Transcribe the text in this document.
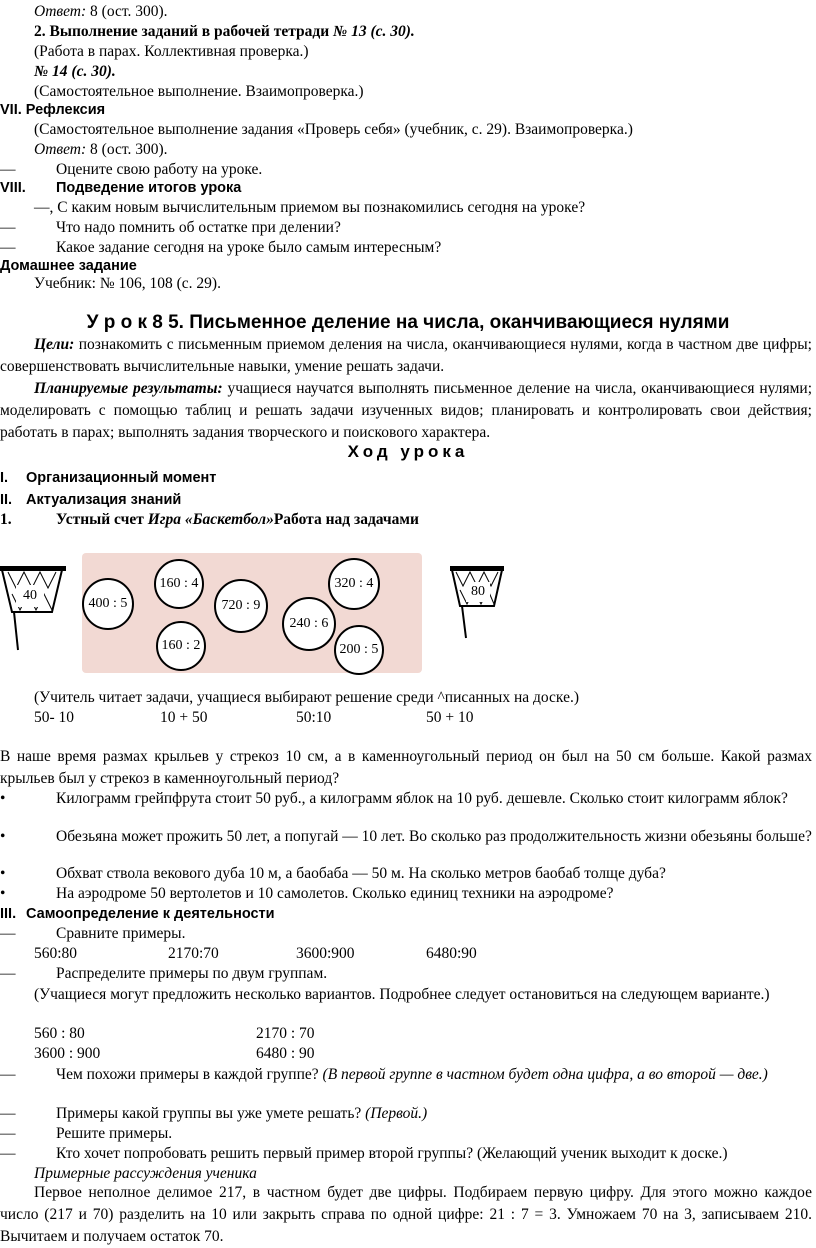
Ответ: 8 (ост. 300).
2. Выполнение заданий в рабочей тетради № 13 (с. 30).
(Работа в парах. Коллективная проверка.)
№ 14 (с. 30).
(Самостоятельное выполнение. Взаимопроверка.)
VII. Рефлексия
(Самостоятельное выполнение задания «Проверь себя» (учебник, с. 29). Взаимопроверка.)
Ответ: 8 (ост. 300).
—	Оцените свою работу на уроке.
VIII. Подведение итогов урока
—, С каким новым вычислительным приемом вы познакомились сегодня на уроке?
—	Что надо помнить об остатке при делении?
—	Какое задание сегодня на уроке было самым интересным?
Домашнее задание
Учебник: № 106, 108 (с. 29).
У р о к 8 5. Письменное деление на числа, оканчивающиеся нулями
Цели: познакомить с письменным приемом деления на числа, оканчивающиеся нулями, когда в частном две цифры; совершенствовать вычислительные навыки, умение решать задачи.
Планируемые результаты: учащиеся научатся выполнять письменное деление на числа, оканчивающиеся нулями; моделировать с помощью таблиц и решать задачи изученных видов; планировать и контролировать свои действия; работать в парах; выполнять задания творческого и поискового характера.
Ход урока
I. Организационный момент
II. Актуализация знаний
1.	Устный счет Игра «Баскетбол»Работа над задачами
40
160 : 4
400 : 5	720 : 9
320 : 4
240 : 6
160 : 2	200 : 5
80
(Учитель читает задачи, учащиеся выбирают решение среди ^писанных на доске.)
50- 10	10 + 50	50:10	50 + 10
В наше время размах крыльев у стрекоз 10 см, а в каменноугольный период он был на 50 см больше. Какой размах крыльев был у стрекоз в каменноугольный период?
•	Килограмм грейпфрута стоит 50 руб., а килограмм яблок на 10 руб. дешевле. Сколько стоит килограмм яблок?
•	Обезьяна может прожить 50 лет, а попугай — 10 лет. Во сколько раз продолжительность жизни обезьяны больше?
•	Обхват ствола векового дуба 10 м, а баобаба — 50 м. На сколько метров баобаб толще дуба?
•	На аэродроме 50 вертолетов и 10 самолетов. Сколько единиц техники на аэродроме?
III. Самоопределение к деятельности
—	Сравните примеры.
560:80	2170:70	3600:900	6480:90
—	Распределите примеры по двум группам.
(Учащиеся могут предложить несколько вариантов. Подробнее следует остановиться на следующем варианте.)
560 : 80	2170 : 70
3600 : 900	6480 : 90
—	Чем похожи примеры в каждой группе? (В первой группе в частном будет одна цифра, а во второй — две.)
—	Примеры какой группы вы уже умете решать? (Первой.)
—	Решите примеры.
—	Кто хочет попробовать решить первый пример второй группы? (Желающий ученик выходит к доске.)
Примерные рассуждения ученика
Первое неполное делимое 217, в частном будет две цифры. Подбираем первую цифру. Для этого можно каждое число (217 и 70) разделить на 10 или закрыть справа по одной цифре: 21 : 7 = 3. Умножаем 70 на 3, записываем 210. Вычитаем и получаем остаток 70.
